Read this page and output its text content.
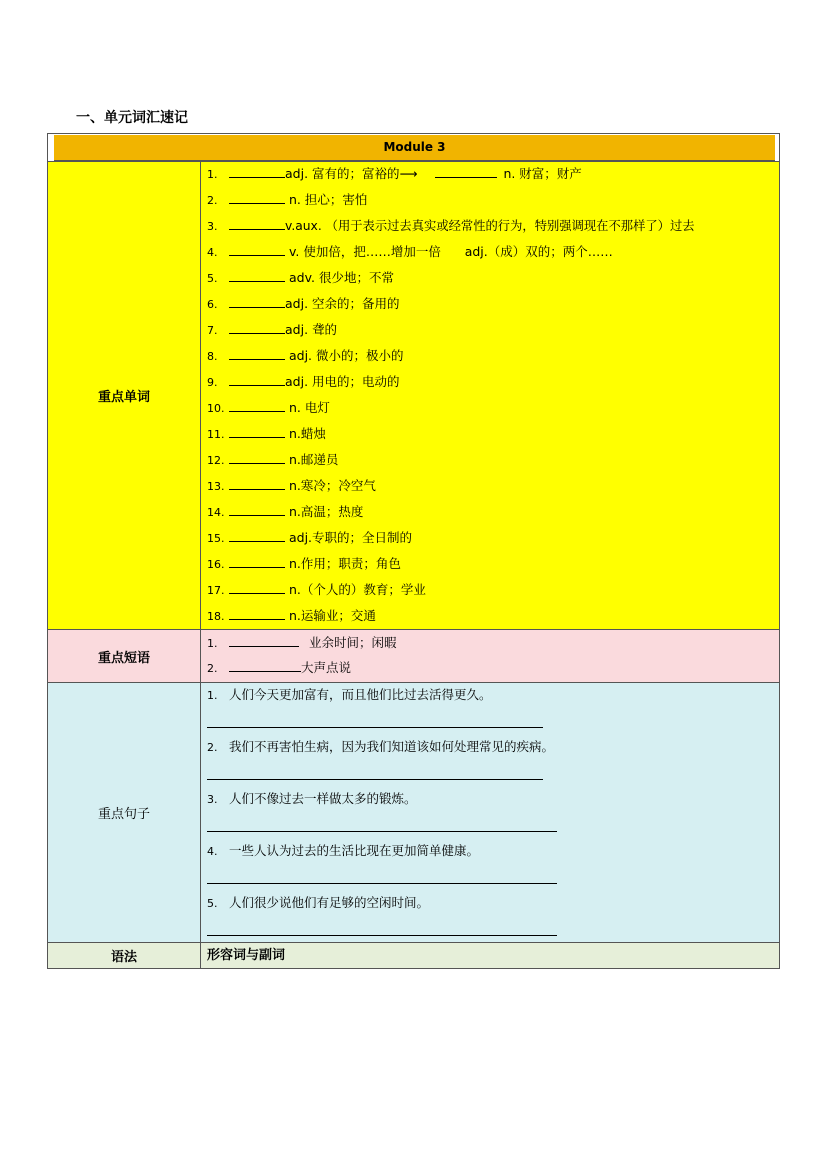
一、单元词汇速记
Module 3
重点单词
1.	adj. 富有的；富裕的⟶	n. 财富；财产
2.	n. 担心；害怕
3.	v.aux. （用于表示过去真实或经常性的行为，特别强调现在不那样了）过去
4.	v. 使加倍，把……增加一倍      adj.（成）双的；两个……
5.	adv. 很少地；不常
6.	adj. 空余的；备用的
7.	adj. 聋的
8.	adj. 微小的；极小的
9.	adj. 用电的；电动的
10.	n. 电灯
11.	n.蜡烛
12.	n.邮递员
13.	n.寒冷；冷空气
14.	n.高温；热度
15.	adj.专职的；全日制的
16.	n.作用；职责；角色
17.	n.（个人的）教育；学业
18.	n.运输业；交通
重点短语
1.	业余时间；闲暇
2.	大声点说
重点句子
1. 人们今天更加富有，而且他们比过去活得更久。
2. 我们不再害怕生病，因为我们知道该如何处理常见的疾病。
3. 人们不像过去一样做太多的锻炼。
4. 一些人认为过去的生活比现在更加简单健康。
5. 人们很少说他们有足够的空闲时间。
语法	形容词与副词
